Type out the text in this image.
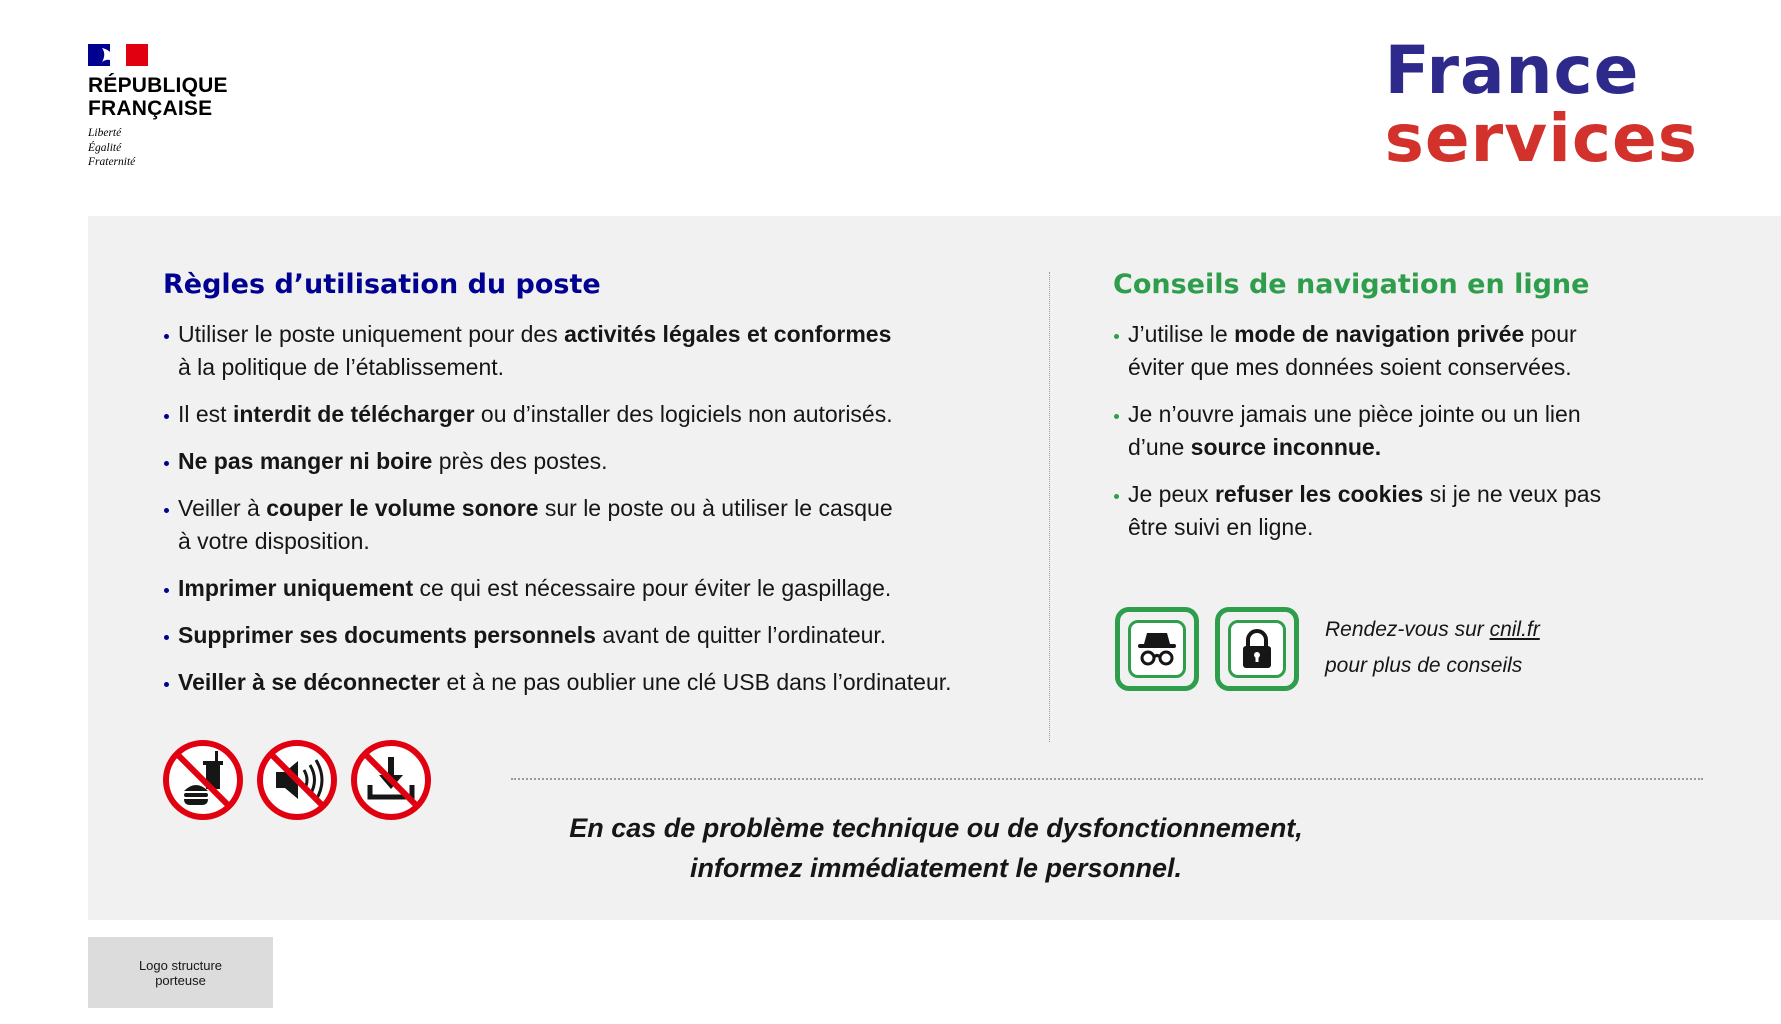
RÉPUBLIQUE
FRANÇAISE
Liberté
Égalité
Fraternité
France
services
Règles d’utilisation du poste
Utiliser le poste uniquement pour des activités légales et conformes
à la politique de l’établissement.
Il est interdit de télécharger ou d’installer des logiciels non autorisés.
Ne pas manger ni boire près des postes.
Veiller à couper le volume sonore sur le poste ou à utiliser le casque
à votre disposition.
Imprimer uniquement ce qui est nécessaire pour éviter le gaspillage.
Supprimer ses documents personnels avant de quitter l’ordinateur.
Veiller à se déconnecter et à ne pas oublier une clé USB dans l’ordinateur.
Conseils de navigation en ligne
J’utilise le mode de navigation privée pour
éviter que mes données soient conservées.
Je n’ouvre jamais une pièce jointe ou un lien
d’une source inconnue.
Je peux refuser les cookies si je ne veux pas
être suivi en ligne.
Rendez-vous sur cnil.fr
pour plus de conseils
En cas de problème technique ou de dysfonctionnement,
informez immédiatement le personnel.
Logo structure porteuse
